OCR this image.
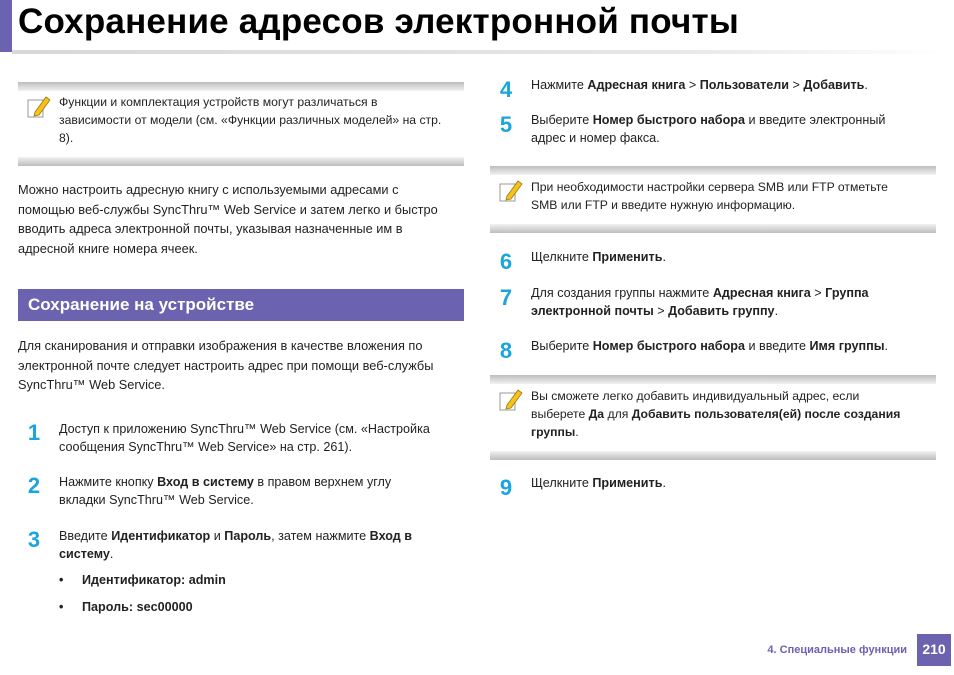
Сохранение адресов электронной почты
Функции и комплектация устройств могут различаться в
зависимости от модели (см. «Функции различных моделей» на стр.
8).
Можно настроить адресную книгу с используемыми адресами с
помощью веб-службы SyncThru™ Web Service и затем легко и быстро
вводить адреса электронной почты, указывая назначенные им в
адресной книге номера ячеек.
Сохранение на устройстве
Для сканирования и отправки изображения в качестве вложения по
электронной почте следует настроить адрес при помощи веб-службы
SyncThru™ Web Service.
1	Доступ к приложению SyncThru™ Web Service (см. «Настройка
сообщения SyncThru™ Web Service» на стр. 261).
2	Нажмите кнопку Вход в систему в правом верхнем углу
вкладки SyncThru™ Web Service.
3	Введите Идентификатор и Пароль, затем нажмите Вход в
систему.
• Идентификатор: admin
• Пароль: sec00000
4	Нажмите Адресная книга > Пользователи > Добавить.
5	Выберите Номер быстрого набора и введите электронный
адрес и номер факса.
При необходимости настройки сервера SMB или FTP отметьте
SMB или FTP и введите нужную информацию.
6	Щелкните Применить.
7	Для создания группы нажмите Адресная книга > Группа
электронной почты > Добавить группу.
8	Выберите Номер быстрого набора и введите Имя группы.
Вы сможете легко добавить индивидуальный адрес, если
выберете Да для Добавить пользователя(ей) после создания
группы.
9	Щелкните Применить.
4. Специальные функции	210
